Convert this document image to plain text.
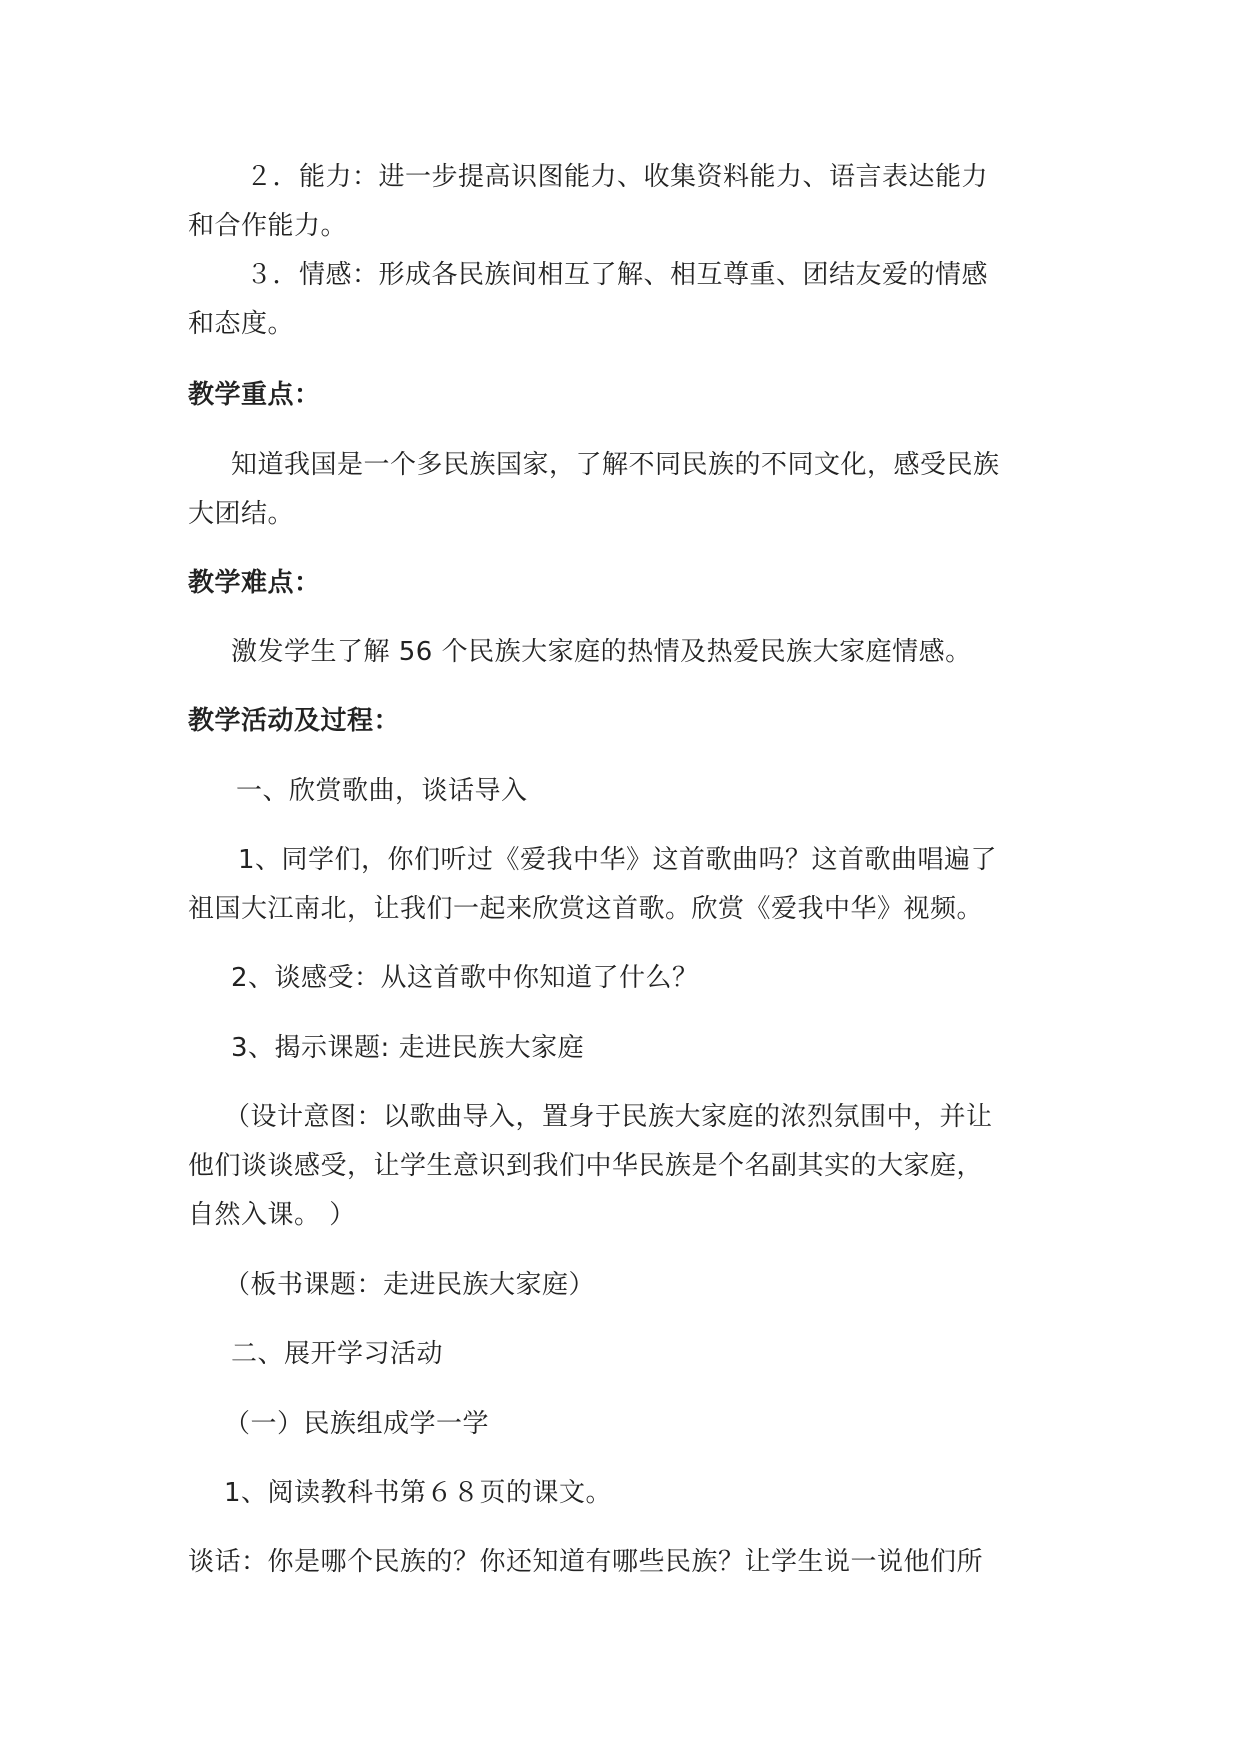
２．能力：进一步提高识图能力、收集资料能力、语言表达能力
和合作能力。
３．情感：形成各民族间相互了解、相互尊重、团结友爱的情感
和态度。
教学重点：
知道我国是一个多民族国家，了解不同民族的不同文化，感受民族
大团结。
教学难点：
激发学生了解 56 个民族大家庭的热情及热爱民族大家庭情感。
教学活动及过程：
一、欣赏歌曲，谈话导入
1、同学们，你们听过《爱我中华》这首歌曲吗？这首歌曲唱遍了
祖国大江南北，让我们一起来欣赏这首歌。欣赏《爱我中华》视频。
2、谈感受：从这首歌中你知道了什么？
3、揭示课题: 走进民族大家庭
（设计意图：以歌曲导入，置身于民族大家庭的浓烈氛围中，并让
他们谈谈感受，让学生意识到我们中华民族是个名副其实的大家庭，
自然入课。 ）
（板书课题：走进民族大家庭）
二、展开学习活动
（一）民族组成学一学
1、阅读教科书第６８页的课文。
谈话：你是哪个民族的？你还知道有哪些民族？让学生说一说他们所
